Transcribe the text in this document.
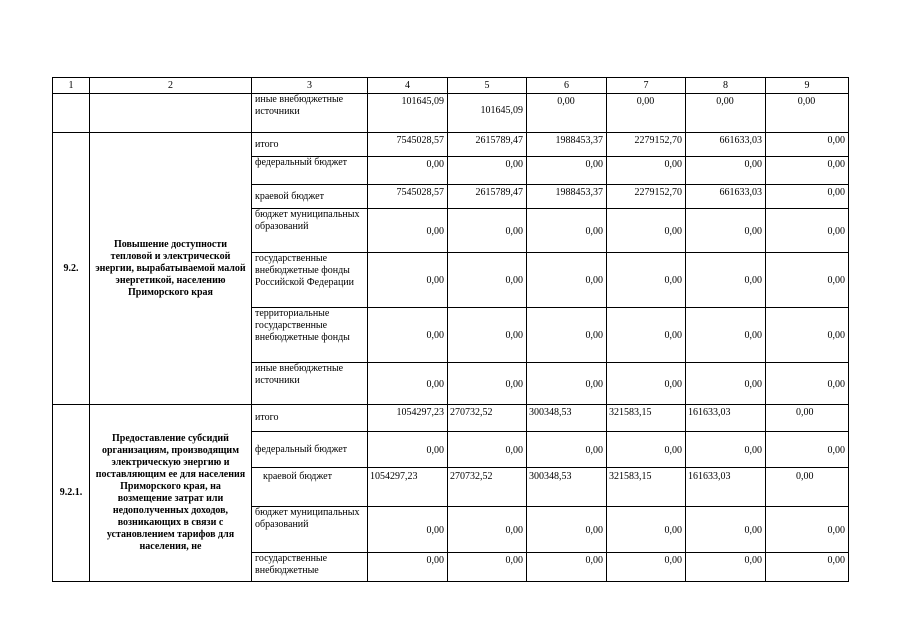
1	2	3	4	5	6	7	8	9
		иные внебюджетные источники	101645,09	101645,09	0,00	0,00	0,00	0,00
9.2.	Повышение доступности тепловой и электрической энергии, вырабатываемой малой энергетикой, населению Приморского края	итого	7545028,57	2615789,47	1988453,37	2279152,70	661633,03	0,00
		федеральный бюджет	0,00	0,00	0,00	0,00	0,00	0,00
		краевой бюджет	7545028,57	2615789,47	1988453,37	2279152,70	661633,03	0,00
		бюджет муниципальных образований	0,00	0,00	0,00	0,00	0,00	0,00
		государственные внебюджетные фонды Российской Федерации	0,00	0,00	0,00	0,00	0,00	0,00
		территориальные государственные внебюджетные фонды	0,00	0,00	0,00	0,00	0,00	0,00
		иные внебюджетные источники	0,00	0,00	0,00	0,00	0,00	0,00
9.2.1.	Предоставление субсидий организациям, производящим электрическую энергию и поставляющим ее для населения Приморского края, на возмещение затрат или недополученных доходов, возникающих в связи с установлением тарифов для населения, не	итого	1054297,23	270732,52	300348,53	321583,15	161633,03	0,00
		федеральный бюджет	0,00	0,00	0,00	0,00	0,00	0,00
		краевой бюджет	1054297,23	270732,52	300348,53	321583,15	161633,03	0,00
		бюджет муниципальных образований	0,00	0,00	0,00	0,00	0,00	0,00
		государственные внебюджетные	0,00	0,00	0,00	0,00	0,00	0,00
